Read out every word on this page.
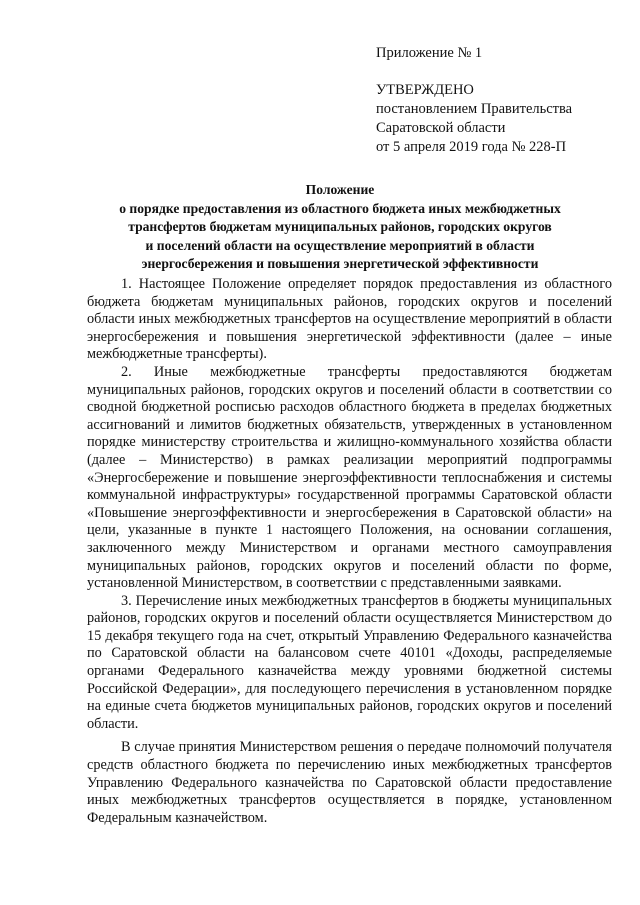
Приложение № 1
УТВЕРЖДЕНО
постановлением Правительства
Саратовской области
от 5 апреля 2019 года № 228-П
Положение
о порядке предоставления из областного бюджета иных межбюджетных
трансфертов бюджетам муниципальных районов, городских округов
и поселений области на осуществление мероприятий в области
энергосбережения и повышения энергетической эффективности

1. Настоящее Положение определяет порядок предоставления из областного бюджета бюджетам муниципальных районов, городских округов и поселений области иных межбюджетных трансфертов на осуществление мероприятий в области энергосбережения и повышения энергетической эффективности (далее – иные межбюджетные трансферты).

2. Иные межбюджетные трансферты предоставляются бюджетам муниципальных районов, городских округов и поселений области в соответствии со сводной бюджетной росписью расходов областного бюджета в пределах бюджетных ассигнований и лимитов бюджетных обязательств, утвержденных в установленном порядке министерству строительства и жилищно-коммунального хозяйства области (далее – Министерство) в рамках реализации мероприятий подпрограммы «Энергосбережение и повышение энергоэффективности теплоснабжения и системы коммунальной инфраструктуры» государственной программы Саратовской области «Повышение энергоэффективности и энергосбережения в Саратовской области» на цели, указанные в пункте 1 настоящего Положения, на основании соглашения, заключенного между Министерством и органами местного самоуправления муниципальных районов, городских округов и поселений области по форме, установленной Министерством, в соответствии с представленными заявками.

3. Перечисление иных межбюджетных трансфертов в бюджеты муниципальных районов, городских округов и поселений области осуществляется Министерством до 15 декабря текущего года на счет, открытый Управлению Федерального казначейства по Саратовской области на балансовом счете 40101 «Доходы, распределяемые органами Федерального казначейства между уровнями бюджетной системы Российской Федерации», для последующего перечисления в установленном порядке на единые счета бюджетов муниципальных районов, городских округов и поселений области.

В случае принятия Министерством решения о передаче полномочий получателя средств областного бюджета по перечислению иных межбюджетных трансфертов Управлению Федерального казначейства по Саратовской области предоставление иных межбюджетных трансфертов осуществляется в порядке, установленном Федеральным казначейством.
